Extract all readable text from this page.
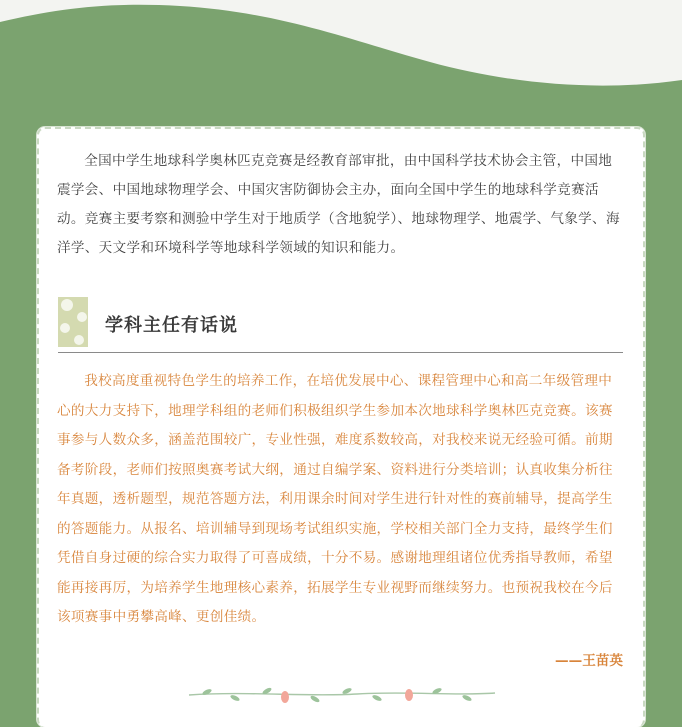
全国中学生地球科学奥林匹克竞赛是经教育部审批，由中国科学技术协会主管，中国地震学会、中国地球物理学会、中国灾害防御协会主办，面向全国中学生的地球科学竞赛活动。竞赛主要考察和测验中学生对于地质学（含地貌学）、地球物理学、地震学、气象学、海洋学、天文学和环境科学等地球科学领域的知识和能力。

学科主任有话说

我校高度重视特色学生的培养工作，在培优发展中心、课程管理中心和高二年级管理中心的大力支持下，地理学科组的老师们积极组织学生参加本次地球科学奥林匹克竞赛。该赛事参与人数众多，涵盖范围较广，专业性强，难度系数较高，对我校来说无经验可循。前期备考阶段，老师们按照奥赛考试大纲，通过自编学案、资料进行分类培训；认真收集分析往年真题，透析题型，规范答题方法，利用课余时间对学生进行针对性的赛前辅导，提高学生的答题能力。从报名、培训辅导到现场考试组织实施，学校相关部门全力支持，最终学生们凭借自身过硬的综合实力取得了可喜成绩，十分不易。感谢地理组诸位优秀指导教师，希望能再接再厉，为培养学生地理核心素养，拓展学生专业视野而继续努力。也预祝我校在今后该项赛事中勇攀高峰、更创佳绩。

——王苗英
